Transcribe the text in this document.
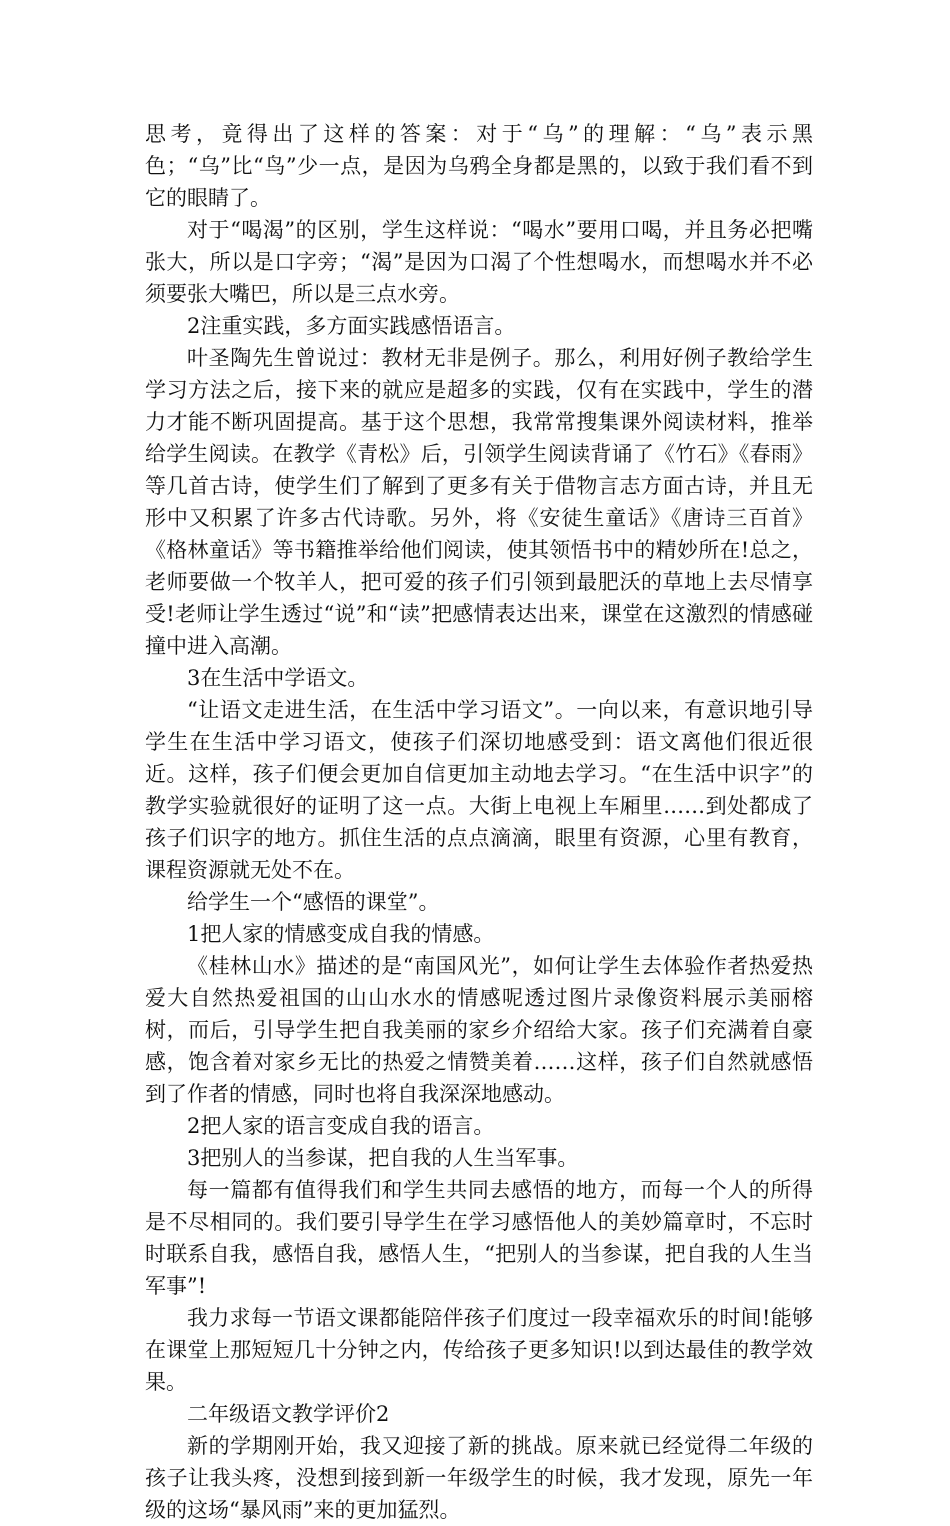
思考，竟得出了这样的答案：对于“乌”的理解：“乌”表示黑色；“乌”比“鸟”少一点，是因为乌鸦全身都是黑的，以致于我们看不到它的眼睛了。

对于“喝渴”的区别，学生这样说：“喝水”要用口喝，并且务必把嘴张大，所以是口字旁；“渴”是因为口渴了个性想喝水，而想喝水并不必须要张大嘴巴，所以是三点水旁。

2注重实践，多方面实践感悟语言。

叶圣陶先生曾说过：教材无非是例子。那么，利用好例子教给学生学习方法之后，接下来的就应是超多的实践，仅有在实践中，学生的潜力才能不断巩固提高。基于这个思想，我常常搜集课外阅读材料，推举给学生阅读。在教学《青松》后，引领学生阅读背诵了《竹石》《春雨》等几首古诗，使学生们了解到了更多有关于借物言志方面古诗，并且无形中又积累了许多古代诗歌。另外，将《安徒生童话》《唐诗三百首》《格林童话》等书籍推举给他们阅读，使其领悟书中的精妙所在!总之，老师要做一个牧羊人，把可爱的孩子们引领到最肥沃的草地上去尽情享受!老师让学生透过“说”和“读”把感情表达出来，课堂在这激烈的情感碰撞中进入高潮。

3在生活中学语文。

“让语文走进生活，在生活中学习语文”。一向以来，有意识地引导学生在生活中学习语文，使孩子们深切地感受到：语文离他们很近很近。这样，孩子们便会更加自信更加主动地去学习。“在生活中识字”的教学实验就很好的证明了这一点。大街上电视上车厢里……到处都成了孩子们识字的地方。抓住生活的点点滴滴，眼里有资源，心里有教育，课程资源就无处不在。

给学生一个“感悟的课堂”。

1把人家的情感变成自我的情感。

《桂林山水》描述的是“南国风光”，如何让学生去体验作者热爱热爱大自然热爱祖国的山山水水的情感呢透过图片录像资料展示美丽榕树，而后，引导学生把自我美丽的家乡介绍给大家。孩子们充满着自豪感，饱含着对家乡无比的热爱之情赞美着……这样，孩子们自然就感悟到了作者的情感，同时也将自我深深地感动。

2把人家的语言变成自我的语言。

3把别人的当参谋，把自我的人生当军事。

每一篇都有值得我们和学生共同去感悟的地方，而每一个人的所得是不尽相同的。我们要引导学生在学习感悟他人的美妙篇章时，不忘时时联系自我，感悟自我，感悟人生，“把别人的当参谋，把自我的人生当军事”!

我力求每一节语文课都能陪伴孩子们度过一段幸福欢乐的时间!能够在课堂上那短短几十分钟之内，传给孩子更多知识!以到达最佳的教学效果。

二年级语文教学评价2

新的学期刚开始，我又迎接了新的挑战。原来就已经觉得二年级的孩子让我头疼，没想到接到新一年级学生的时候，我才发现，原先一年级的这场“暴风雨”来的更加猛烈。
